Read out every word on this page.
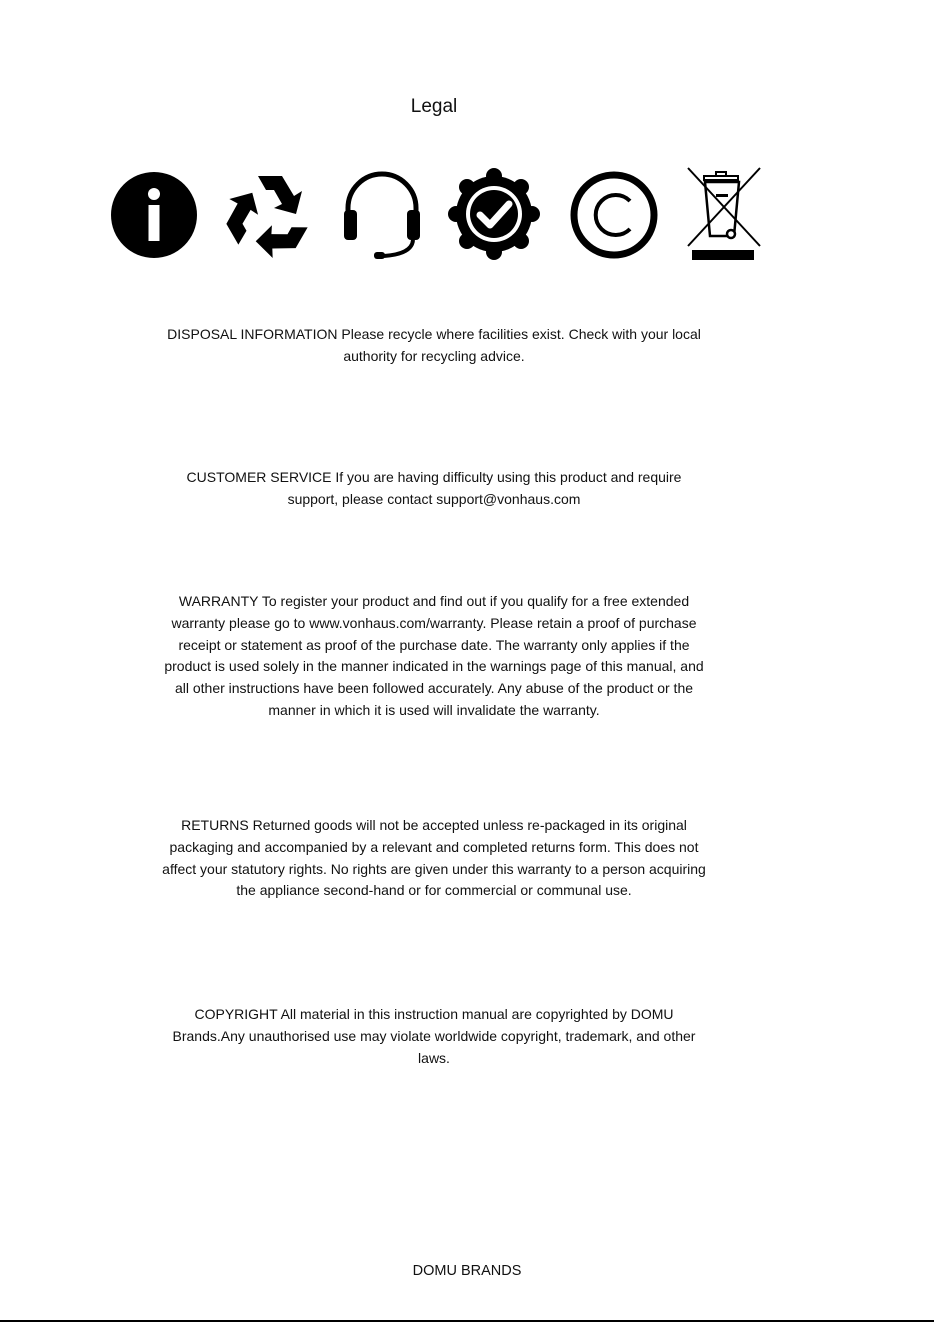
Legal

DISPOSAL INFORMATION Please recycle where facilities exist. Check with your local authority for recycling advice.

CUSTOMER SERVICE If you are having difficulty using this product and require support, please contact support@vonhaus.com

WARRANTY To register your product and find out if you qualify for a free extended warranty please go to www.vonhaus.com/warranty. Please retain a proof of purchase receipt or statement as proof of the purchase date. The warranty only applies if the product is used solely in the manner indicated in the warnings page of this manual, and all other instructions have been followed accurately. Any abuse of the product or the manner in which it is used will invalidate the warranty.

RETURNS Returned goods will not be accepted unless re-packaged in its original packaging and accompanied by a relevant and completed returns form. This does not affect your statutory rights. No rights are given under this warranty to a person acquiring the appliance second-hand or for commercial or communal use.

COPYRIGHT All material in this instruction manual are copyrighted by DOMU Brands.Any unauthorised use may violate worldwide copyright, trademark, and other laws.

DOMU BRANDS
